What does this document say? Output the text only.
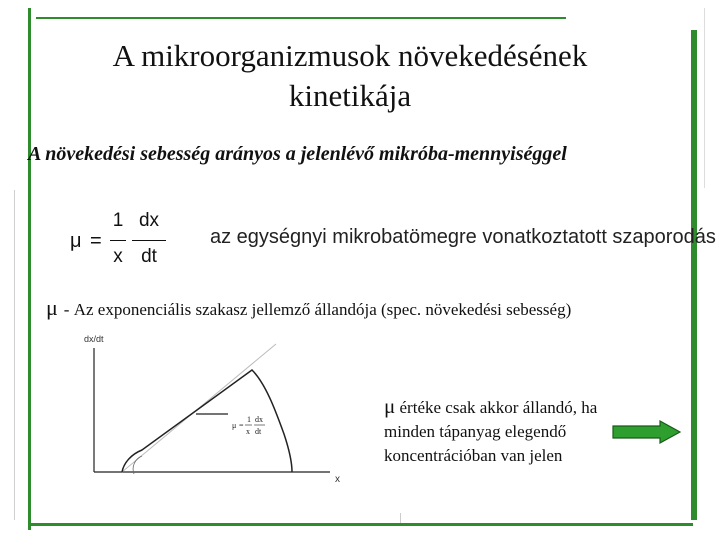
A mikroorganizmusok növekedésének
kinetikája
A növekedési sebesség arányos a jelenlévő mikróba-mennyiséggel
μ =
1
x
dx
dt
az egységnyi mikrobatömegre vonatkoztatott szaporodás
μ - Az exponenciális szakasz jellemző állandója (spec. növekedési sebesség)
dx/dt
x
μ =
1
x
dx
dt
μ értéke csak akkor állandó, ha
minden tápanyag elegendő
koncentrációban van jelen
